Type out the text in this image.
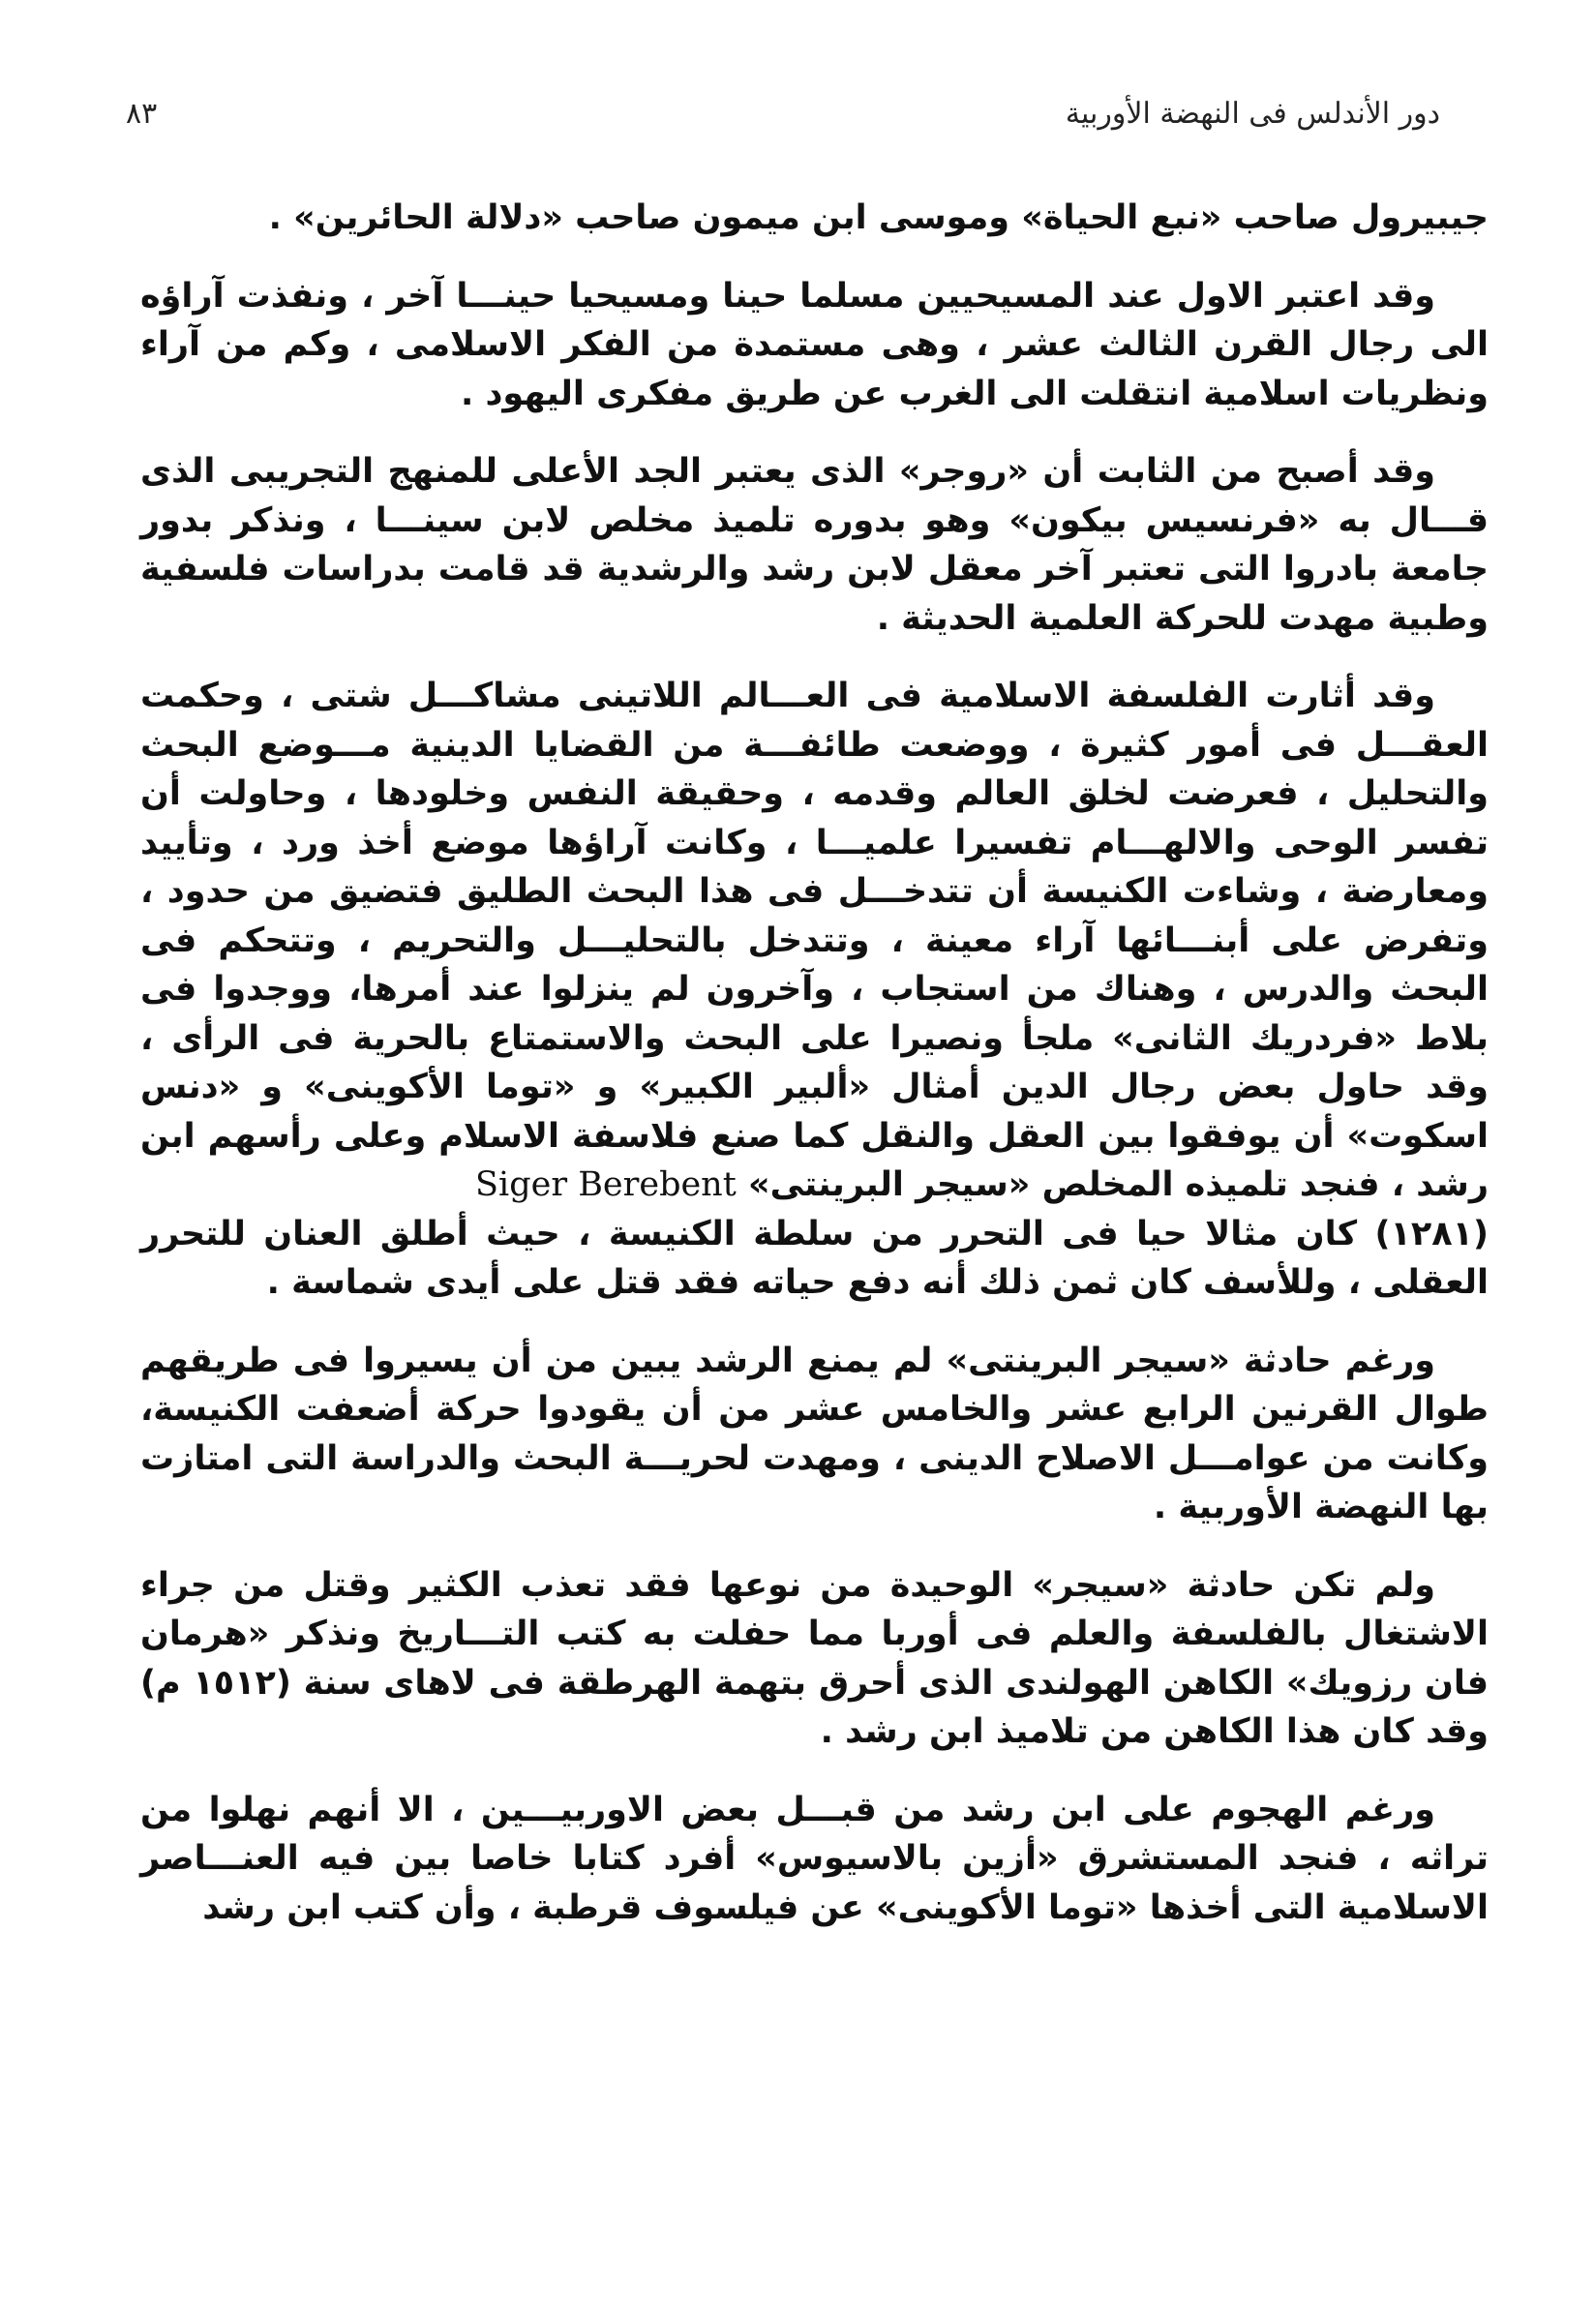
دور الأندلس فى النهضة الأوربية
٨٣

جيبيرول صاحب «نبع الحياة» وموسى ابن ميمون صاحب «دلالة الحائرين» .

وقد اعتبر الاول عند المسيحيين مسلما حينا ومسيحيا حينـــا آخر ، ونفذت آراؤه الى رجال القرن الثالث عشر ، وهى مستمدة من الفكر الاسلامى ، وكم من آراء ونظريات اسلامية انتقلت الى الغرب عن طريق مفكرى اليهود .

وقد أصبح من الثابت أن «روجر» الذى يعتبر الجد الأعلى للمنهج التجريبى الذى قـــال به «فرنسيس بيكون» وهو بدوره تلميذ مخلص لابن سينـــا ، ونذكر بدور جامعة بادروا التى تعتبر آخر معقل لابن رشد والرشدية قد قامت بدراسات فلسفية وطبية مهدت للحركة العلمية الحديثة .

وقد أثارت الفلسفة الاسلامية فى العـــالم اللاتينى مشاكـــل شتى ، وحكمت العقـــل فى أمور كثيرة ، ووضعت طائفـــة من القضايا الدينية مـــوضع البحث والتحليل ، فعرضت لخلق العالم وقدمه ، وحقيقة النفس وخلودها ، وحاولت أن تفسر الوحى والالهـــام تفسيرا علميـــا ، وكانت آراؤها موضع أخذ ورد ، وتأييد ومعارضة ، وشاءت الكنيسة أن تتدخـــل فى هذا البحث الطليق فتضيق من حدود ، وتفرض على أبنـــائها آراء معينة ، وتتدخل بالتحليـــل والتحريم ، وتتحكم فى البحث والدرس ، وهناك من استجاب ، وآخرون لم ينزلوا عند أمرها، ووجدوا فى بلاط «فردريك الثانى» ملجأ ونصيرا على البحث والاستمتاع بالحرية فى الرأى ، وقد حاول بعض رجال الدين أمثال «ألبير الكبير» و «توما الأكوينى» و «دنس اسكوت» أن يوفقوا بين العقل والنقل كما صنع فلاسفة الاسلام وعلى رأسهم ابن رشد ، فنجد تلميذه المخلص «سيجر البرينتى» Siger Berebent

(١٢٨١) كان مثالا حيا فى التحرر من سلطة الكنيسة ، حيث أطلق العنان للتحرر العقلى ، وللأسف كان ثمن ذلك أنه دفع حياته فقد قتل على أيدى شماسة .

ورغم حادثة «سيجر البرينتى» لم يمنع الرشد يبين من أن يسيروا فى طريقهم طوال القرنين الرابع عشر والخامس عشر من أن يقودوا حركة أضعفت الكنيسة، وكانت من عوامـــل الاصلاح الدينى ، ومهدت لحريـــة البحث والدراسة التى امتازت بها النهضة الأوربية .

ولم تكن حادثة «سيجر» الوحيدة من نوعها فقد تعذب الكثير وقتل من جراء الاشتغال بالفلسفة والعلم فى أوربا مما حفلت به كتب التـــاريخ ونذكر «هرمان فان رزويك» الكاهن الهولندى الذى أحرق بتهمة الهرطقة فى لاهاى سنة (١٥١٢ م) وقد كان هذا الكاهن من تلاميذ ابن رشد .

ورغم الهجوم على ابن رشد من قبـــل بعض الاوربيـــين ، الا أنهم نهلوا من تراثه ، فنجد المستشرق «أزين بالاسيوس» أفرد كتابا خاصا بين فيه العنـــاصر الاسلامية التى أخذها «توما الأكوينى» عن فيلسوف قرطبة ، وأن كتب ابن رشد
